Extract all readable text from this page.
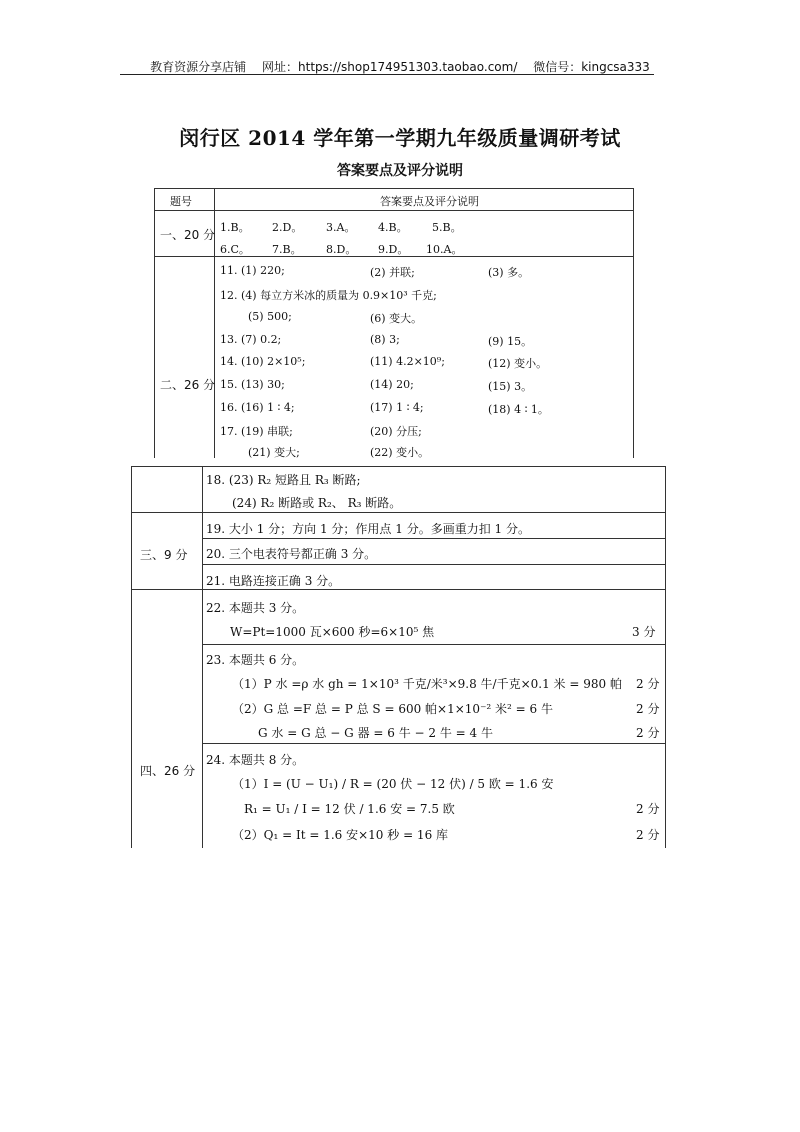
教育资源分享店铺 网址：https://shop174951303.taobao.com/ 微信号：kingcsa333
闵行区 2014 学年第一学期九年级质量调研考试
答案要点及评分说明
题号	答案要点及评分说明
一、20 分
1.B。 2.D。 3.A。 4.B。 5.B。
6.C。 7.B。 8.D。 9.D。 10.A。
二、26 分
11. (1) 220;	(2) 并联;	(3) 多。
12. (4) 每立方米冰的质量为 0.9×10³ 千克;
(5) 500;	(6) 变大。
13. (7) 0.2;	(8) 3;	(9) 15。
14. (10) 2×10⁵;	(11) 4.2×10⁹;	(12) 变小。
15. (13) 30;	(14) 20;	(15) 3。
16. (16) 1 ∶ 4;	(17) 1 ∶ 4;	(18) 4 ∶ 1。
17. (19) 串联;	(20) 分压;
(21) 变大;	(22) 变小。
18. (23) R₂ 短路且 R₃ 断路;
(24) R₂ 断路或 R₂、 R₃ 断路。
三、9 分
19. 大小 1 分；方向 1 分；作用点 1 分。多画重力扣 1 分。
20. 三个电表符号都正确 3 分。
21. 电路连接正确 3 分。
四、26 分
22. 本题共 3 分。
W=Pt=1000 瓦×600 秒=6×10⁵ 焦	3 分
23. 本题共 6 分。
（1）P 水 =ρ 水 gh = 1×10³ 千克/米³×9.8 牛/千克×0.1 米 = 980 帕 2 分
（2）G 总 =F 总 = P 总 S = 600 帕×1×10⁻² 米² = 6 牛	2 分
G 水 = G 总 − G 器 = 6 牛 − 2 牛 = 4 牛	2 分
24. 本题共 8 分。
（1）I = (U − U₁) / R = (20 伏 − 12 伏) / 5 欧 = 1.6 安
R₁ = U₁ / I = 12 伏 / 1.6 安 = 7.5 欧	2 分
（2）Q₁ = It = 1.6 安×10 秒 = 16 库	2 分
